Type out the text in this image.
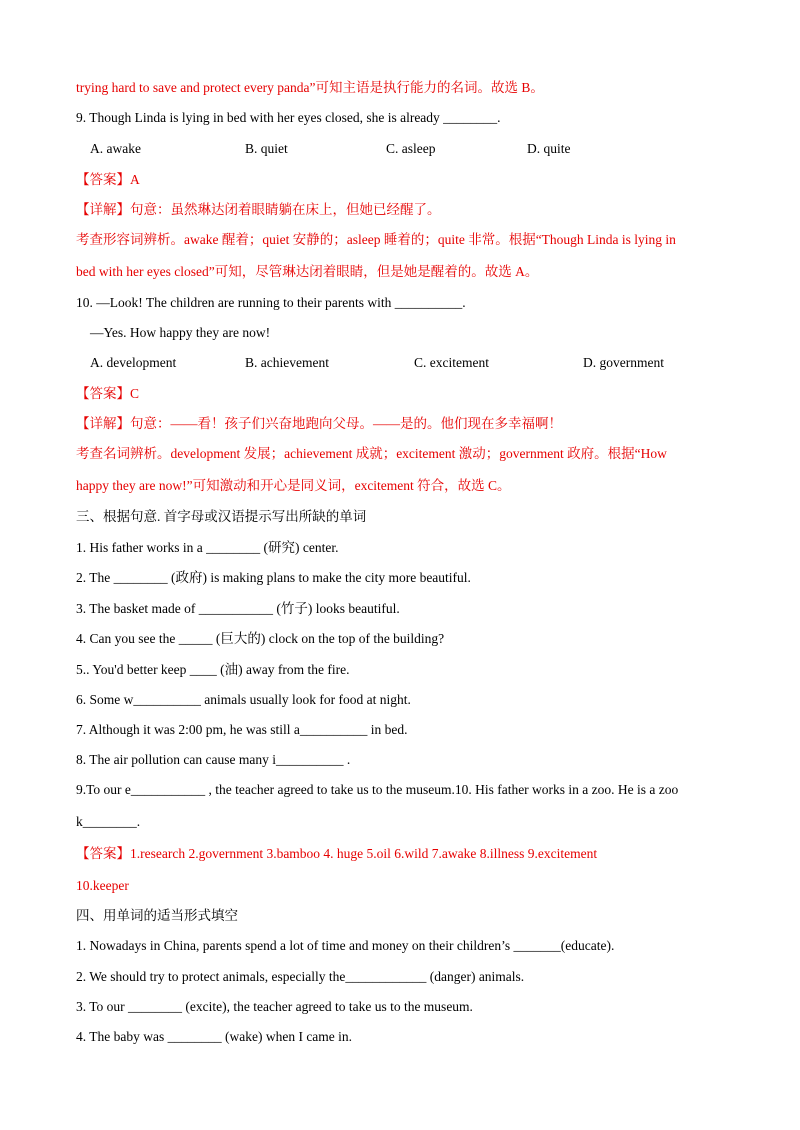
trying hard to save and protect every panda”可知主语是执行能力的名词。故选 B。
9. Though Linda is lying in bed with her eyes closed, she is already ________.
A. awake	B. quiet	C. asleep	D. quite
【答案】A
【详解】句意：虽然琳达闭着眼睛躺在床上，但她已经醒了。
考查形容词辨析。awake 醒着；quiet 安静的；asleep 睡着的；quite 非常。根据“Though Linda is lying in
bed with her eyes closed”可知，尽管琳达闭着眼睛，但是她是醒着的。故选 A。
10. —Look! The children are running to their parents with __________.
—Yes. How happy they are now!
A. development	B. achievement	C. excitement	D. government
【答案】C
【详解】句意：——看！孩子们兴奋地跑向父母。——是的。他们现在多幸福啊！
考查名词辨析。development 发展；achievement 成就；excitement 激动；government 政府。根据“How
happy they are now!”可知激动和开心是同义词，excitement 符合，故选 C。
三、根据句意. 首字母或汉语提示写出所缺的单词
1. His father works in a ________ (研究) center.
2. The ________ (政府) is making plans to make the city more beautiful.
3. The basket made of ___________ (竹子) looks beautiful.
4. Can you see the _____ (巨大的) clock on the top of the building?
5.. You'd better keep ____ (油) away from the fire.
6. Some w__________ animals usually look for food at night.
7. Although it was 2:00 pm, he was still a__________ in bed.
8. The air pollution can cause many i__________ .
9.To our e___________ , the teacher agreed to take us to the museum.10. His father works in a zoo. He is a zoo
k________.
【答案】1.research 2.government 3.bamboo 4. huge 5.oil 6.wild 7.awake 8.illness 9.excitement
10.keeper
四、用单词的适当形式填空
1. Nowadays in China, parents spend a lot of time and money on their children’s _______(educate).
2. We should try to protect animals, especially the____________ (danger) animals.
3. To our ________ (excite), the teacher agreed to take us to the museum.
4. The baby was ________ (wake) when I came in.
